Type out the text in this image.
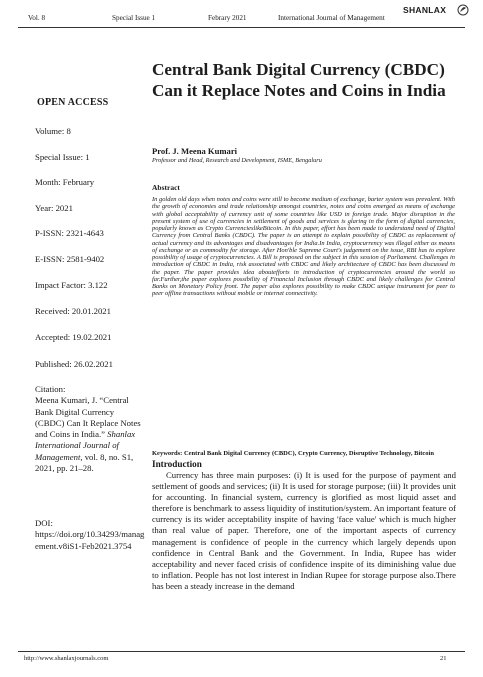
Vol. 8	Special Issue 1	Febrary 2021	International Journal of Management
SHANLAX
Central Bank Digital Currency (CBDC) Can it Replace Notes and Coins in India
Prof. J. Meena Kumari
Professor and Head, Research and Development, ISME, Bengaluru
Abstract
In golden old days when notes and coins were still to become medium of exchange, barter system was prevalent. With the growth of economies and trade relationship amongst countries, notes and coins emerged as means of exchange with global acceptability of currency unit of some countries like USD in foreign trade. Major disruption in the present system of use of currencies in settlement of goods and services is glaring in the form of digital currencies, popularly known as Crypto CurrencieslikeBitcoin. In this paper, effort has been made to understand need of Digital Currency from Central Banks (CBDC). The paper is an attempt to explain possibility of CBDC as replacement of actual currency and its advantages and disadvantages for India.In India, cryptocurrency was illegal either as means of exchange or as commodity for storage. After Hon'ble Supreme Court's judgement on the issue, RBI has to explore possibility of usage of cryptocurrencies. A Bill is proposed on the subject in this session of Parliament. Challenges in introduction of CBDC in India, risk associated with CBDC and likely architecture of CBDC has been discussed in the paper. The paper provides idea aboutefforts in introduction of cryptocurrencies around the world so far.Further,the paper explores possibility of Financial Inclusion through CBDC and likely challenges for Central Banks on Monetary Policy front. The paper also explores possibility to make CBDC unique instrument for peer to peer offline transactions without mobile or internet connectivity.
Keywords: Central Bank Digital Currency (CBDC), Crypto Currency, Disruptive Technology, Bitcoin
Introduction
Currency has three main purposes: (i) It is used for the purpose of payment and settlement of goods and services; (ii) It is used for storage purpose; (iii) It provides unit for accounting. In financial system, currency is glorified as most liquid asset and therefore is benchmark to assess liquidity of institution/system. An important feature of currency is its wider acceptability inspite of having 'face value' which is much higher than real value of paper. Therefore, one of the important aspects of currency management is confidence of people in the currency which largely depends upon confidence in Central Bank and the Government. In India, Rupee has wider acceptability and never faced crisis of confidence inspite of its diminishing value due to inflation. People has not lost interest in Indian Rupee for storage purpose also.There has been a steady increase in the demand
OPEN ACCESS
Volume: 8
Special Issue: 1
Month: February
Year: 2021
P-ISSN: 2321-4643
E-ISSN: 2581-9402
Impact Factor: 3.122
Received: 20.01.2021
Accepted: 19.02.2021
Published: 26.02.2021
Citation:
Meena Kumari, J. “Central Bank Digital Currency (CBDC) Can It Replace Notes and Coins in India.” Shanlax International Journal of Management, vol. 8, no. S1, 2021, pp. 21–28.
DOI:
https://doi.org/10.34293/management.v8iS1-Feb2021.3754
http://www.shanlaxjournals.com	21
